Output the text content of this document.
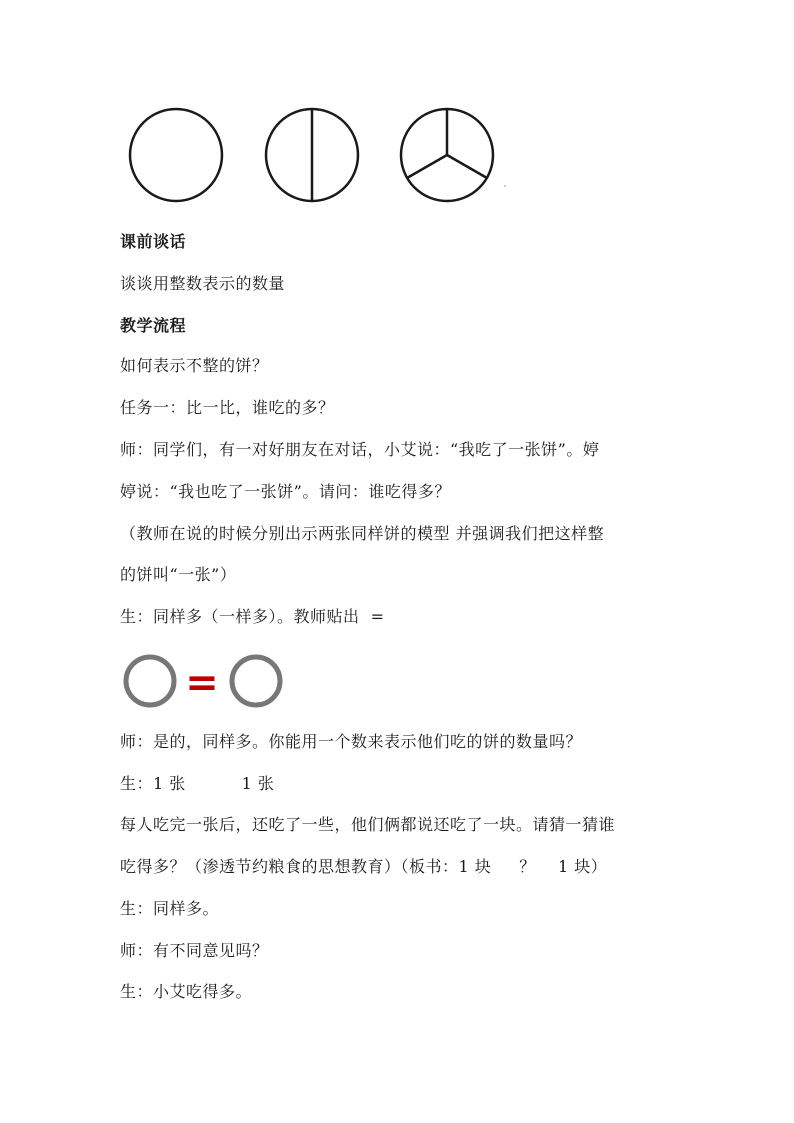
课前谈话
谈谈用整数表示的数量
教学流程
如何表示不整的饼？
任务一：比一比，谁吃的多？
师：同学们，有一对好朋友在对话，小艾说：“我吃了一张饼”。婷
婷说：“我也吃了一张饼”。请问：谁吃得多？
（教师在说的时候分别出示两张同样饼的模型 并强调我们把这样整
的饼叫“一张”）
生：同样多（一样多）。教师贴出  =
=
师：是的，同样多。你能用一个数来表示他们吃的饼的数量吗？
生：1 张          1 张
每人吃完一张后，还吃了一些，他们俩都说还吃了一块。请猜一猜谁
吃得多？（渗透节约粮食的思想教育）（板书：1 块     ？    1 块）
生：同样多。
师：有不同意见吗？
生：小艾吃得多。
